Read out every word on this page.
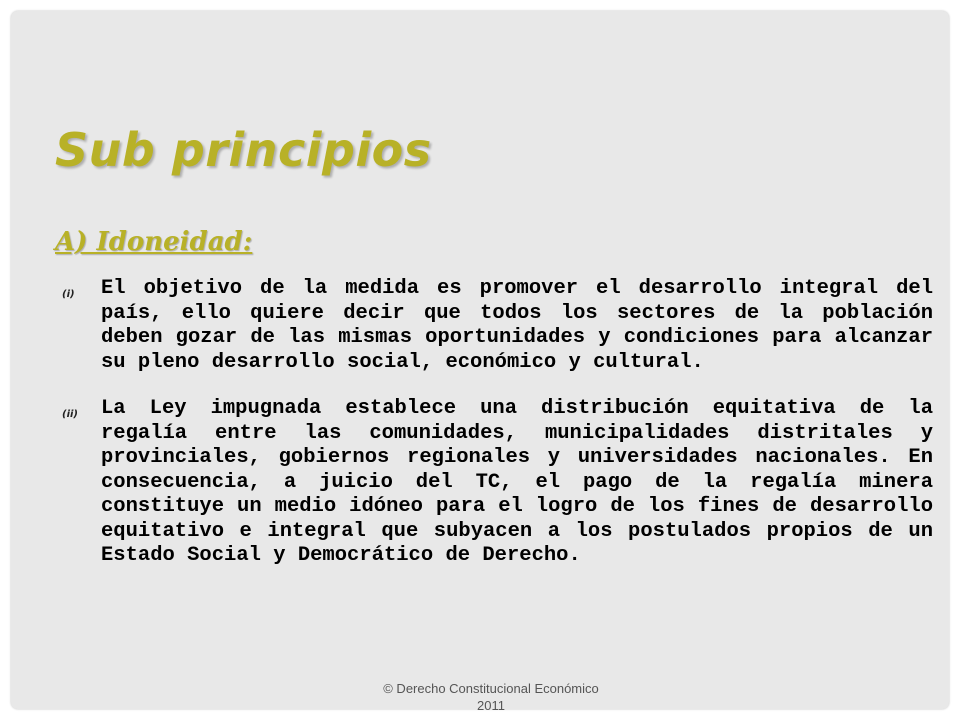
Sub principios
A) Idoneidad:
(i) El objetivo de la medida es promover el desarrollo integral del país, ello quiere decir que todos los sectores de la población deben gozar de las mismas oportunidades y condiciones para alcanzar su pleno desarrollo social, económico y cultural.

(ii) La Ley impugnada establece una distribución equitativa de la regalía entre las comunidades, municipalidades distritales y provinciales, gobiernos regionales y universidades nacionales. En consecuencia, a juicio del TC, el pago de la regalía minera constituye un medio idóneo para el logro de los fines de desarrollo equitativo e integral que subyacen a los postulados propios de un Estado Social y Democrático de Derecho.

© Derecho Constitucional Económico
2011
